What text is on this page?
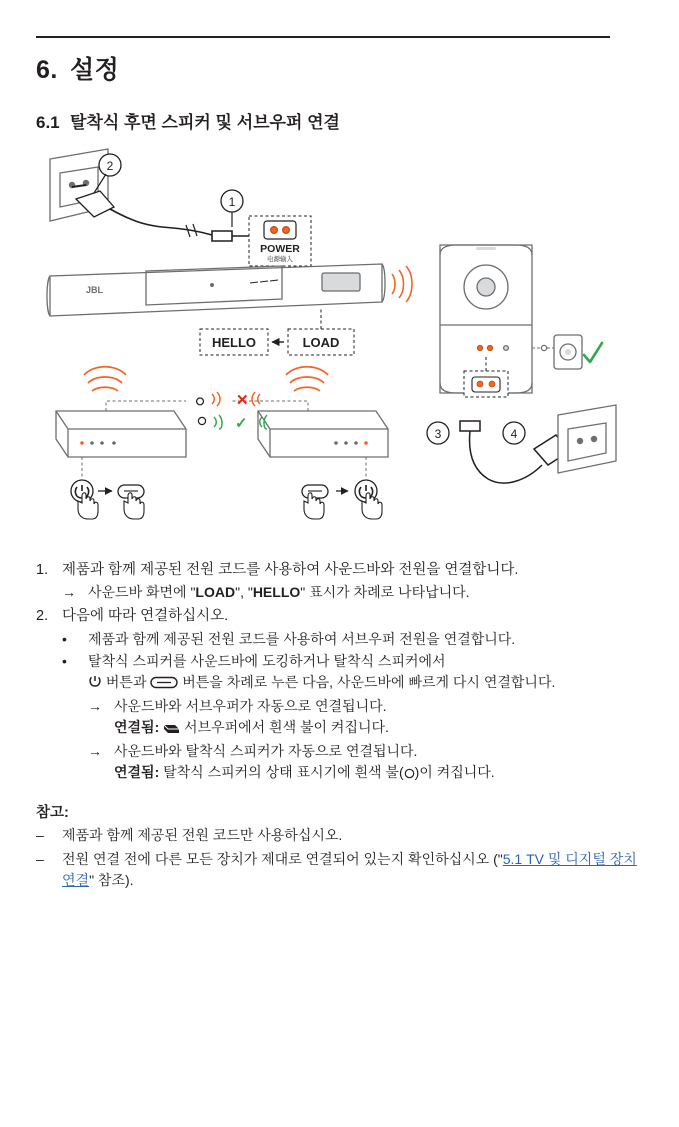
6. 설정
6.1 탈착식 후면 스피커 및 서브우퍼 연결
1
2
POWER
电源输入
JBL
HELLO	LOAD
3	4
✕
✓
1. 제품과 함께 제공된 전원 코드를 사용하여 사운드바와 전원을 연결합니다.
→ 사운드바 화면에 "LOAD", "HELLO" 표시가 차례로 나타납니다.
2. 다음에 따라 연결하십시오.
•	제품과 함께 제공된 전원 코드를 사용하여 서브우퍼 전원을 연결합니다.
•	탈착식 스피커를 사운드바에 도킹하거나 탈착식 스피커에서
버튼과	버튼을 차례로 누른 다음, 사운드바에 빠르게 다시 연결합니다.
→ 사운드바와 서브우퍼가 자동으로 연결됩니다.
연결됨: 서브우퍼에서 흰색 불이 켜집니다.
→ 사운드바와 탈착식 스피커가 자동으로 연결됩니다.
연결됨: 탈착식 스피커의 상태 표시기에 흰색 불( )이 켜집니다.
참고:
–	제품과 함께 제공된 전원 코드만 사용하십시오.
–	전원 연결 전에 다른 모든 장치가 제대로 연결되어 있는지 확인하십시오 ("5.1 TV 및 디지털 장치 연결" 참조).
